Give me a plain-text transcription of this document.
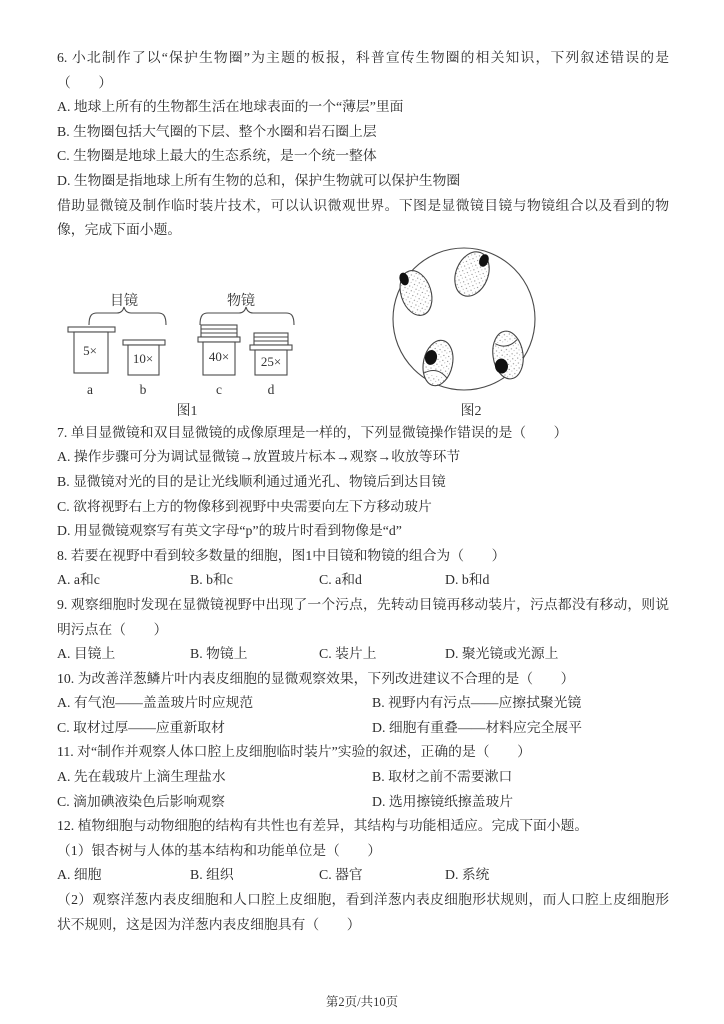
6. 小北制作了以“保护生物圈”为主题的板报，科普宣传生物圈的相关知识，下列叙述错误的是（　　）

A. 地球上所有的生物都生活在地球表面的一个“薄层”里面

B. 生物圈包括大气圈的下层、整个水圈和岩石圈上层

C. 生物圈是地球上最大的生态系统，是一个统一整体

D. 生物圈是指地球上所有生物的总和，保护生物就可以保护生物圈

借助显微镜及制作临时装片技术，可以认识微观世界。下图是显微镜目镜与物镜组合以及看到的物像，完成下面小题。

目镜	物镜
5×
10×	40× 25×
a	b	c	d
图1	图2

7. 单目显微镜和双目显微镜的成像原理是一样的，下列显微镜操作错误的是（　　）

A. 操作步骤可分为调试显微镜→放置玻片标本→观察→收放等环节

B. 显微镜对光的目的是让光线顺利通过通光孔、物镜后到达目镜

C. 欲将视野右上方的物像移到视野中央需要向左下方移动玻片

D. 用显微镜观察写有英文字母“p”的玻片时看到物像是“d”

8. 若要在视野中看到较多数量的细胞，图1中目镜和物镜的组合为（　　）

A. a和c	B. b和c	C. a和d	D. b和d

9. 观察细胞时发现在显微镜视野中出现了一个污点，先转动目镜再移动装片，污点都没有移动，则说明污点在（　　）

A. 目镜上	B. 物镜上	C. 装片上	D. 聚光镜或光源上

10. 为改善洋葱鳞片叶内表皮细胞的显微观察效果，下列改进建议不合理的是（　　）

A. 有气泡——盖盖玻片时应规范	B. 视野内有污点——应擦拭聚光镜
C. 取材过厚——应重新取材	D. 细胞有重叠——材料应完全展平

11. 对“制作并观察人体口腔上皮细胞临时装片”实验的叙述，正确的是（　　）

A. 先在载玻片上滴生理盐水	B. 取材之前不需要漱口
C. 滴加碘液染色后影响观察	D. 选用擦镜纸擦盖玻片

12. 植物细胞与动物细胞的结构有共性也有差异，其结构与功能相适应。完成下面小题。

（1）银杏树与人体的基本结构和功能单位是（　　）

A. 细胞	B. 组织	C. 器官	D. 系统

（2）观察洋葱内表皮细胞和人口腔上皮细胞，看到洋葱内表皮细胞形状规则，而人口腔上皮细胞形状不规则，这是因为洋葱内表皮细胞具有（　　）

第2页/共10页
